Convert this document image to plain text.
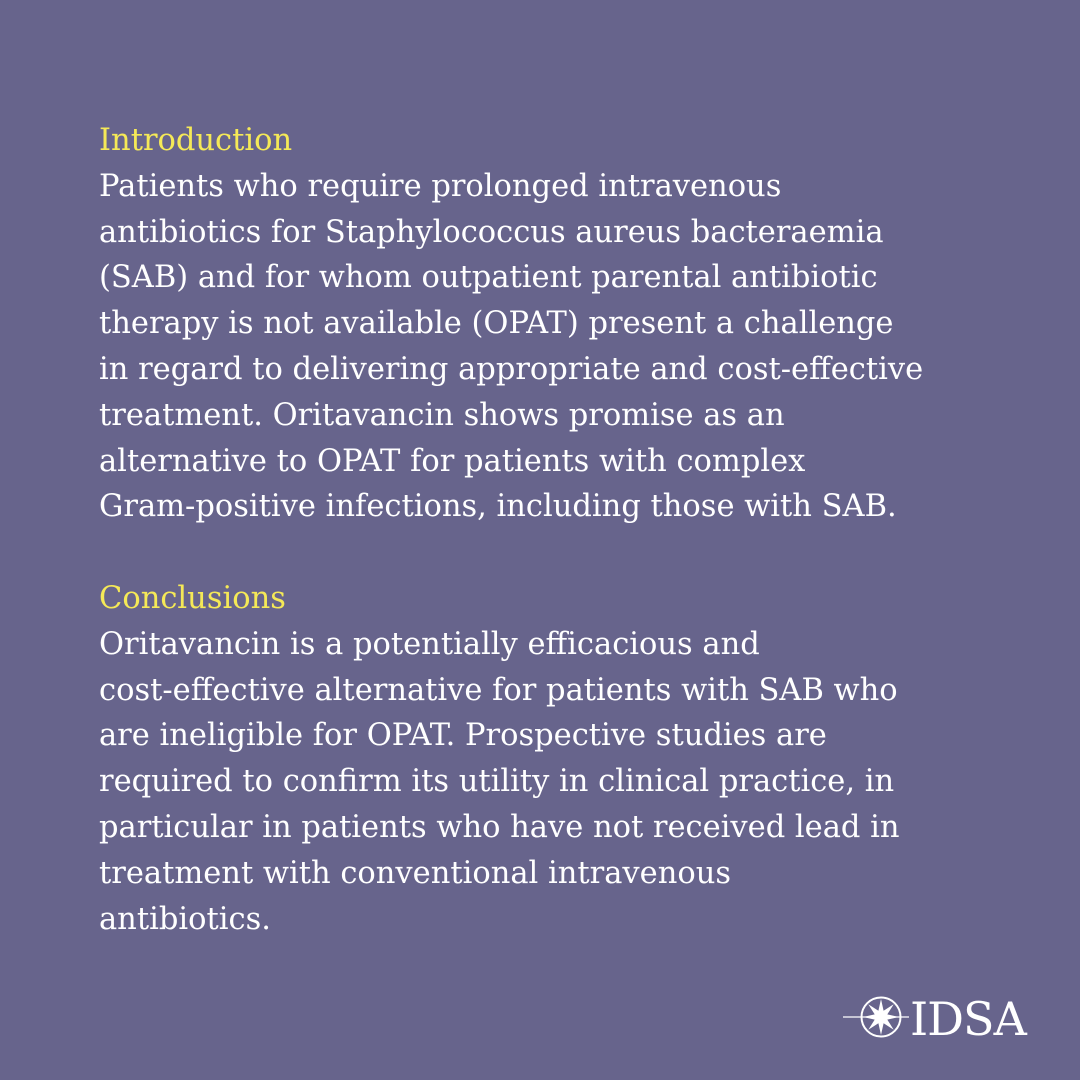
Introduction
Patients who require prolonged intravenous
antibiotics for Staphylococcus aureus bacteraemia
(SAB) and for whom outpatient parental antibiotic
therapy is not available (OPAT) present a challenge
in regard to delivering appropriate and cost-effective
treatment. Oritavancin shows promise as an
alternative to OPAT for patients with complex
Gram-positive infections, including those with SAB.
Conclusions
Oritavancin is a potentially efficacious and
cost-effective alternative for patients with SAB who
are ineligible for OPAT. Prospective studies are
required to confirm its utility in clinical practice, in
particular in patients who have not received lead in
treatment with conventional intravenous
antibiotics.
IDSA
